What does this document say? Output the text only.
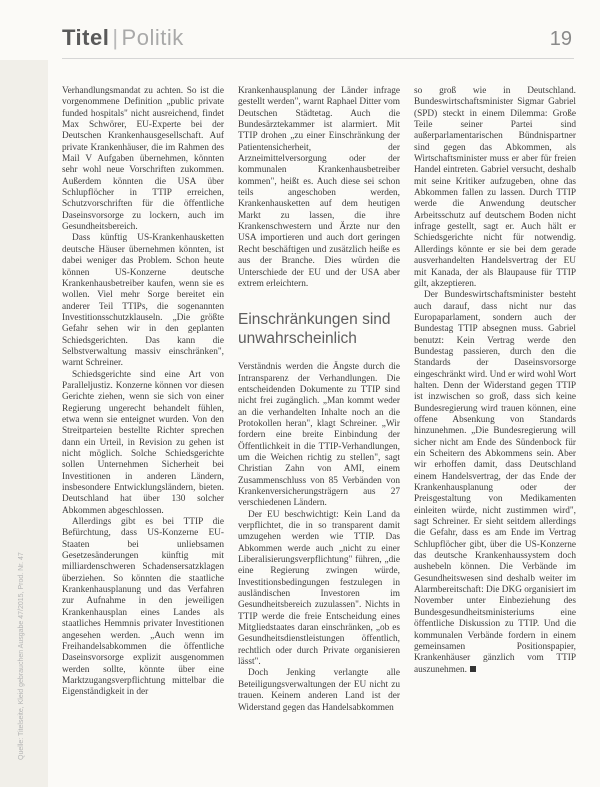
Titel | Politik	19
Quelle: Titelseite, Kleid gebrauchen Ausgabe 47/2015, Prod. Nr. 47

Verhandlungsmandat zu achten. So ist die vorgenommene Definition „public private funded hospitals" nicht ausreichend, findet Max Schwörer, EU-Experte bei der Deutschen Krankenhausgesellschaft. Auf private Krankenhäuser, die im Rahmen des Mail V Aufgaben übernehmen, könnten sehr wohl neue Vorschriften zukommen. Außerdem könnten die USA über Schlupflöcher in TTIP erreichen, Schutzvorschriften für die öffentliche Daseinsvorsorge zu lockern, auch im Gesundheitsbereich.

Dass künftig US-Krankenhausketten deutsche Häuser übernehmen könnten, ist dabei weniger das Problem. Schon heute können US-Konzerne deutsche Krankenhausbetreiber kaufen, wenn sie es wollen. Viel mehr Sorge bereitet ein anderer Teil TTIPs, die sogenannten Investitionsschutzklauseln. „Die größte Gefahr sehen wir in den geplanten Schiedsgerichten. Das kann die Selbstverwaltung massiv einschränken", warnt Schreiner.

Schiedsgerichte sind eine Art von Paralleljustiz. Konzerne können vor diesen Gerichte ziehen, wenn sie sich von einer Regierung ungerecht behandelt fühlen, etwa wenn sie enteignet wurden. Von den Streitparteien bestellte Richter sprechen dann ein Urteil, in Revision zu gehen ist nicht möglich. Solche Schiedsgerichte sollen Unternehmen Sicherheit bei Investitionen in anderen Ländern, insbesondere Entwicklungsländern, bieten. Deutschland hat über 130 solcher Abkommen abgeschlossen.

Allerdings gibt es bei TTIP die Befürchtung, dass US-Konzerne EU-Staaten bei unliebsamen Gesetzesänderungen künftig mit milliardenschweren Schadensersatzklagen überziehen. So könnten die staatliche Krankenhausplanung und das Verfahren zur Aufnahme in den jeweiligen Krankenhausplan eines Landes als staatliches Hemmnis privater Investitionen angesehen werden. „Auch wenn im Freihandelsabkommen die öffentliche Daseinsvorsorge explizit ausgenommen werden sollte, könnte über eine Marktzugangsverpflichtung mittelbar die Eigenständigkeit in der

Krankenhausplanung der Länder infrage gestellt werden", warnt Raphael Ditter vom Deutschen Städtetag. Auch die Bundesärztekammer ist alarmiert. Mit TTIP drohen „zu einer Einschränkung der Patientensicherheit, der Arzneimittelversorgung oder der kommunalen Krankenhausbetreiber kommen", heißt es. Auch diese sei schon teils angeschoben werden, Krankenhausketten auf dem heutigen Markt zu lassen, die ihre Krankenschwestern und Ärzte nur den USA importieren und auch dort geringen Recht beschäftigen und zusätzlich heiße es aus der Branche. Dies würden die Unterschiede der EU und der USA aber extrem erleichtern.

Einschränkungen sind unwahrscheinlich

Verständnis werden die Ängste durch die Intransparenz der Verhandlungen. Die entscheidenden Dokumente zu TTIP sind nicht frei zugänglich. „Man kommt weder an die verhandelten Inhalte noch an die Protokollen heran", klagt Schreiner. „Wir fordern eine breite Einbindung der Öffentlichkeit in die TTIP-Verhandlungen, um die Weichen richtig zu stellen", sagt Christian Zahn von AMI, einem Zusammenschluss von 85 Verbänden von Krankenversicherungsträgern aus 27 verschiedenen Ländern.

Der EU beschwichtigt: Kein Land da verpflichtet, die in so transparent damit umzugehen werden wie TTIP. Das Abkommen werde auch „nicht zu einer Liberalisierungsverpflichtung" führen, „die eine Regierung zwingen würde, Investitionsbedingungen festzulegen in ausländischen Investoren im Gesundheitsbereich zuzulassen". Nichts in TTIP werde die freie Entscheidung eines Mitgliedstaates daran einschränken, „ob es Gesundheitsdienstleistungen öffentlich, rechtlich oder durch Private organisieren lässt".

Doch Jenking verlangte alle Beteiligungsverwaltungen der EU nicht zu trauen. Keinem anderen Land ist der Widerstand gegen das Handelsabkommen

so groß wie in Deutschland. Bundeswirtschaftsminister Sigmar Gabriel (SPD) steckt in einem Dilemma: Große Teile seiner Partei sind außerparlamentarischen Bündnispartner sind gegen das Abkommen, als Wirtschaftsminister muss er aber für freien Handel eintreten. Gabriel versucht, deshalb mit seine Kritiker aufzugeben, ohne das Abkommen fallen zu lassen. Durch TTIP werde die Anwendung deutscher Arbeitsschutz auf deutschem Boden nicht infrage gestellt, sagt er. Auch hält er Schiedsgerichte nicht für notwendig. Allerdings könnte er sie bei dem gerade ausverhandelten Handelsvertrag der EU mit Kanada, der als Blaupause für TTIP gilt, akzeptieren.

Der Bundeswirtschaftsminister besteht auch darauf, dass nicht nur das Europaparlament, sondern auch der Bundestag TTIP absegnen muss. Gabriel benutzt: Kein Vertrag werde den Bundestag passieren, durch den die Standards der Daseinsvorsorge eingeschränkt wird. Und er wird wohl Wort halten. Denn der Widerstand gegen TTIP ist inzwischen so groß, dass sich keine Bundesregierung wird trauen können, eine offene Absenkung von Standards hinzunehmen. „Die Bundesregierung will sicher nicht am Ende des Sündenbock für ein Scheitern des Abkommens sein. Aber wir erhoffen damit, dass Deutschland einem Handelsvertrag, der das Ende der Krankenhausplanung oder der Preisgestaltung von Medikamenten einleiten würde, nicht zustimmen wird", sagt Schreiner. Er sieht seitdem allerdings die Gefahr, dass es am Ende im Vertrag Schlupflöcher gibt, über die US-Konzerne das deutsche Krankenhaussystem doch aushebeln können. Die Verbände im Gesundheitswesen sind deshalb weiter im Alarmbereitschaft: Die DKG organisiert im November unter Einbeziehung des Bundesgesundheitsministeriums eine öffentliche Diskussion zu TTIP. Und die kommunalen Verbände fordern in einem gemeinsamen Positionspapier, Krankenhäuser gänzlich vom TTIP auszunehmen.
